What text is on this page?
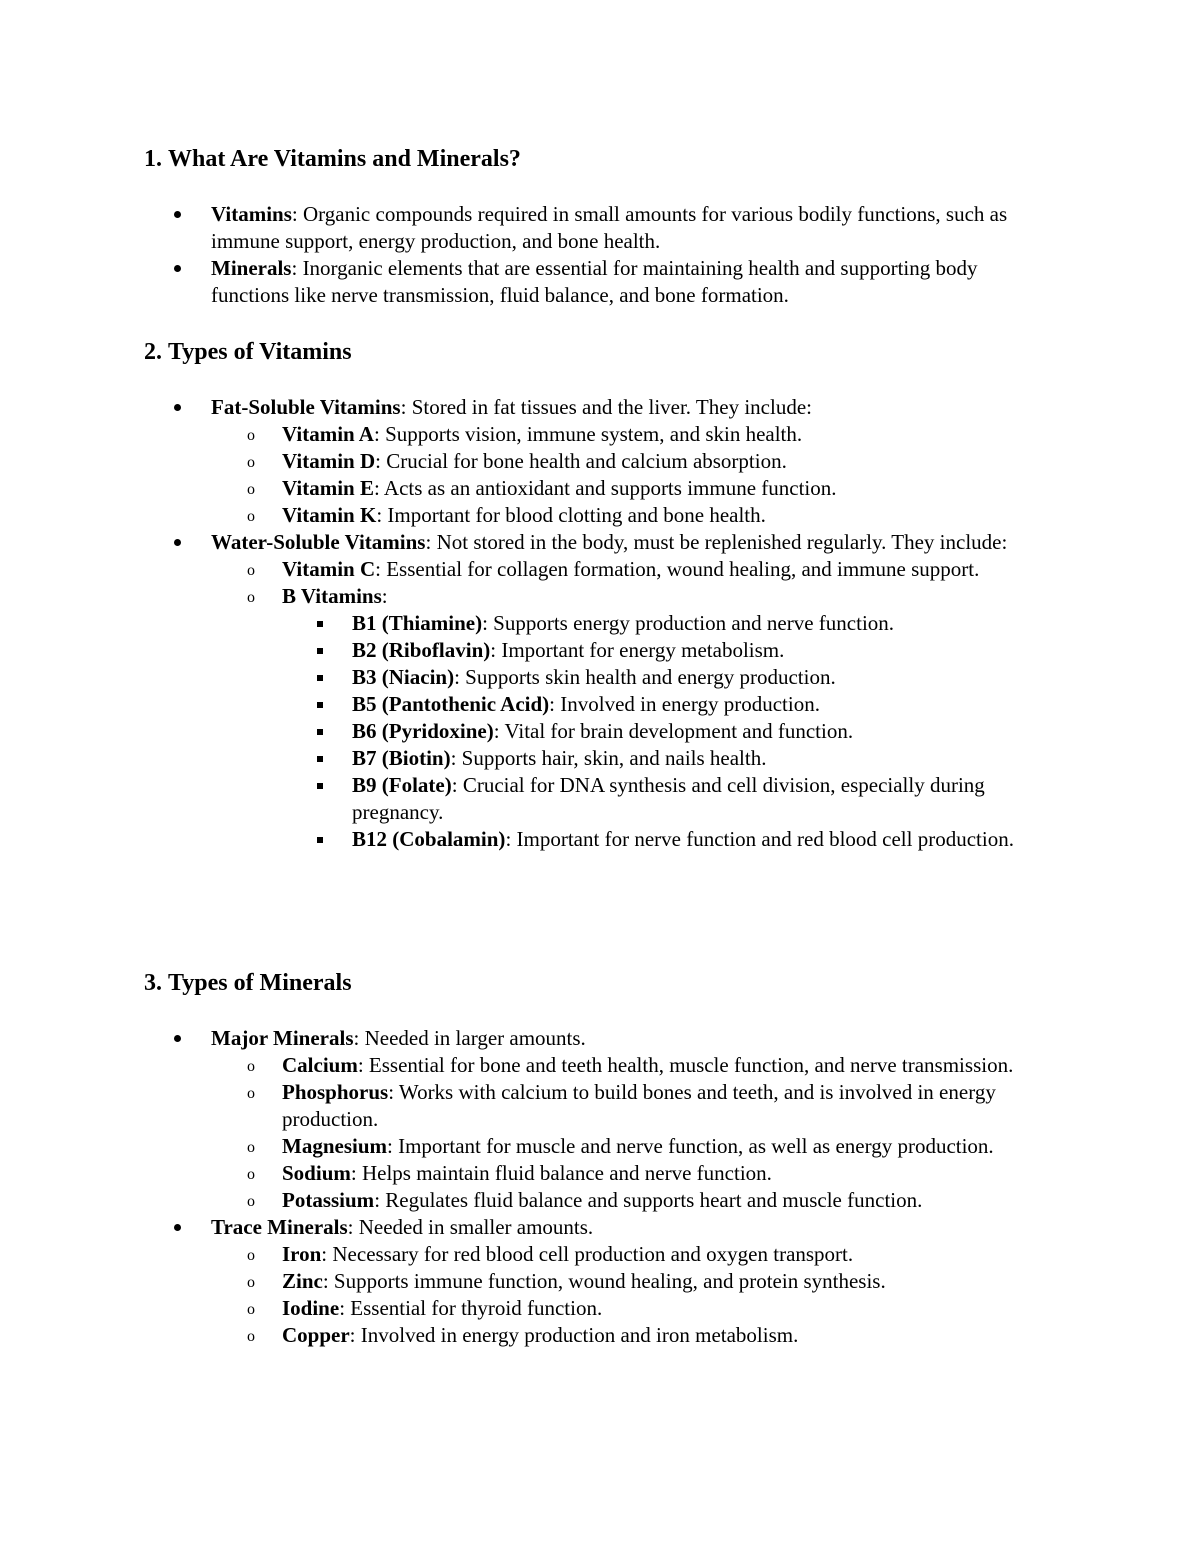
1. What Are Vitamins and Minerals?
Vitamins: Organic compounds required in small amounts for various bodily functions, such as immune support, energy production, and bone health.
Minerals: Inorganic elements that are essential for maintaining health and supporting body functions like nerve transmission, fluid balance, and bone formation.
2. Types of Vitamins
Fat-Soluble Vitamins: Stored in fat tissues and the liver. They include:
o Vitamin A: Supports vision, immune system, and skin health.
o Vitamin D: Crucial for bone health and calcium absorption.
o Vitamin E: Acts as an antioxidant and supports immune function.
o Vitamin K: Important for blood clotting and bone health.
Water-Soluble Vitamins: Not stored in the body, must be replenished regularly. They include:
o Vitamin C: Essential for collagen formation, wound healing, and immune support.
o B Vitamins:
B1 (Thiamine): Supports energy production and nerve function.
B2 (Riboflavin): Important for energy metabolism.
B3 (Niacin): Supports skin health and energy production.
B5 (Pantothenic Acid): Involved in energy production.
B6 (Pyridoxine): Vital for brain development and function.
B7 (Biotin): Supports hair, skin, and nails health.
B9 (Folate): Crucial for DNA synthesis and cell division, especially during pregnancy.
B12 (Cobalamin): Important for nerve function and red blood cell production.
3. Types of Minerals
Major Minerals: Needed in larger amounts.
o Calcium: Essential for bone and teeth health, muscle function, and nerve transmission.
o Phosphorus: Works with calcium to build bones and teeth, and is involved in energy production.
o Magnesium: Important for muscle and nerve function, as well as energy production.
o Sodium: Helps maintain fluid balance and nerve function.
o Potassium: Regulates fluid balance and supports heart and muscle function.
Trace Minerals: Needed in smaller amounts.
o Iron: Necessary for red blood cell production and oxygen transport.
o Zinc: Supports immune function, wound healing, and protein synthesis.
o Iodine: Essential for thyroid function.
o Copper: Involved in energy production and iron metabolism.
